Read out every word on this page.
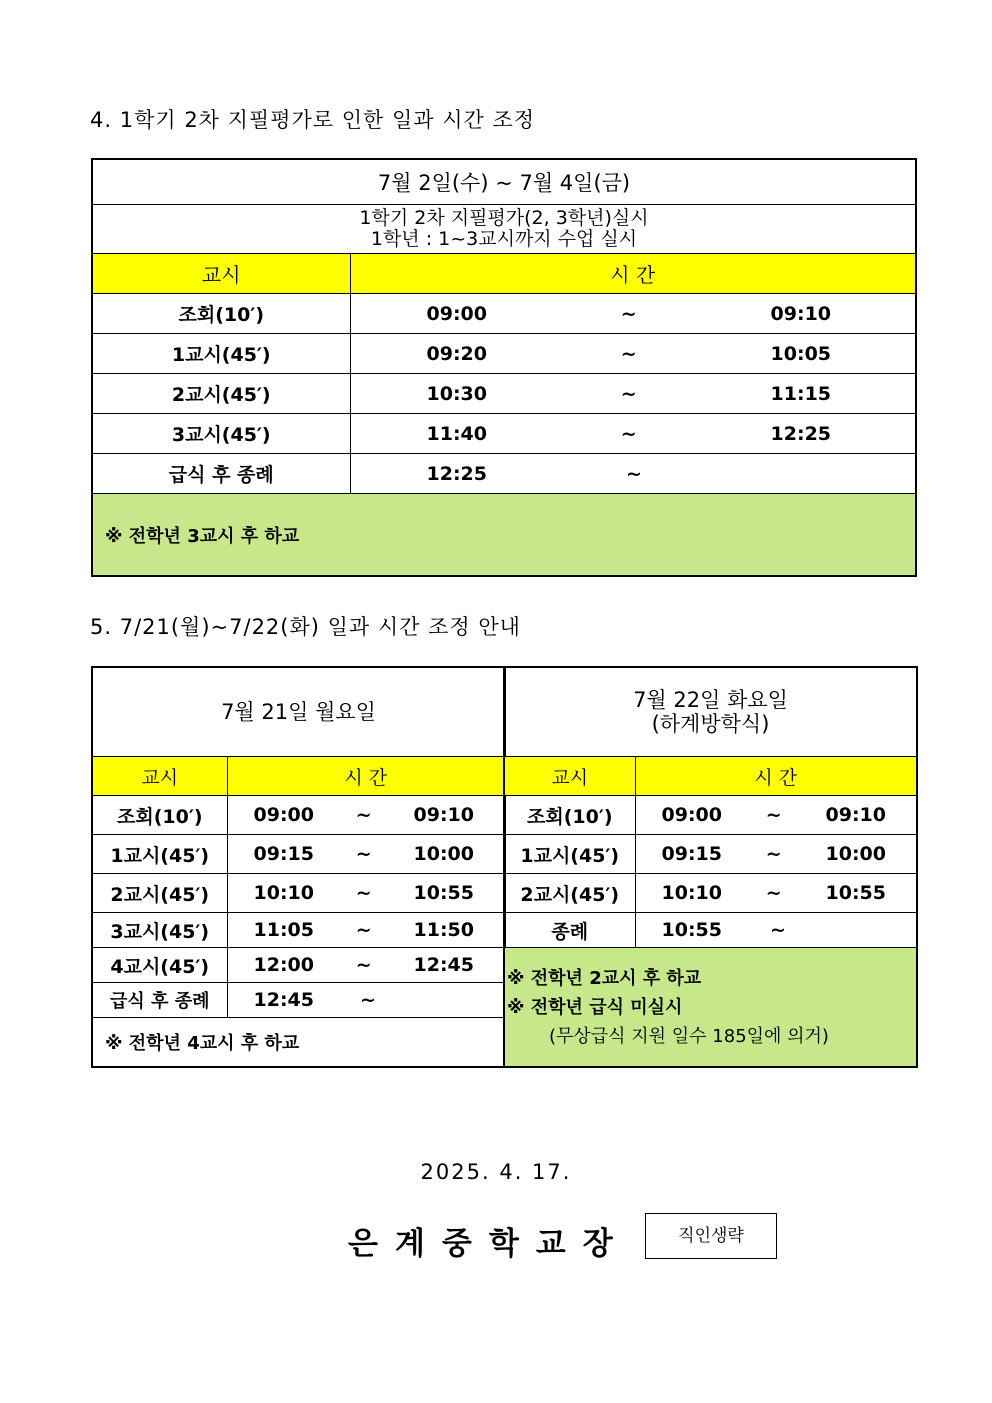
4. 1학기 2차 지필평가로 인한 일과 시간 조정
7월 2일(수) ~ 7월 4일(금)	

1학기 2차 지필평가(2, 3학년)실시
1학년 : 1~3교시까지 수업 실시	

교시	시 간
조회(10′)	09:00 ~ 09:10

1교시(45′)	09:20 ~ 10:05

2교시(45′)	10:30 ~ 11:15

3교시(45′)	11:40 ~ 12:25

급식 후 종례	12:25 ~

※ 전학년 3교시 후 하교	
5. 7/21(월)~7/22(화) 일과 시간 조정 안내
7월 21일 월요일	
교시	시 간
조회(10′)	09:00 ~ 09:10

1교시(45′)	09:15 ~ 10:00

2교시(45′)	10:10 ~ 10:55

3교시(45′)	11:05 ~ 11:50

4교시(45′)	12:00 ~ 12:45

급식 후 종례	12:45 ~

※ 전학년 4교시 후 하교	
7월 22일 화요일
(하계방학식)	

교시	시 간
조회(10′)	09:00 ~ 09:10

1교시(45′)	09:15 ~ 10:00

2교시(45′)	10:10 ~ 10:55

종례	10:55 ~

※ 전학년 2교시 후 하교
※ 전학년 급식 미실시
(무상급식 지원 일수 185일에 의거)	
2025. 4. 17.
은계중학교장	직인생략
